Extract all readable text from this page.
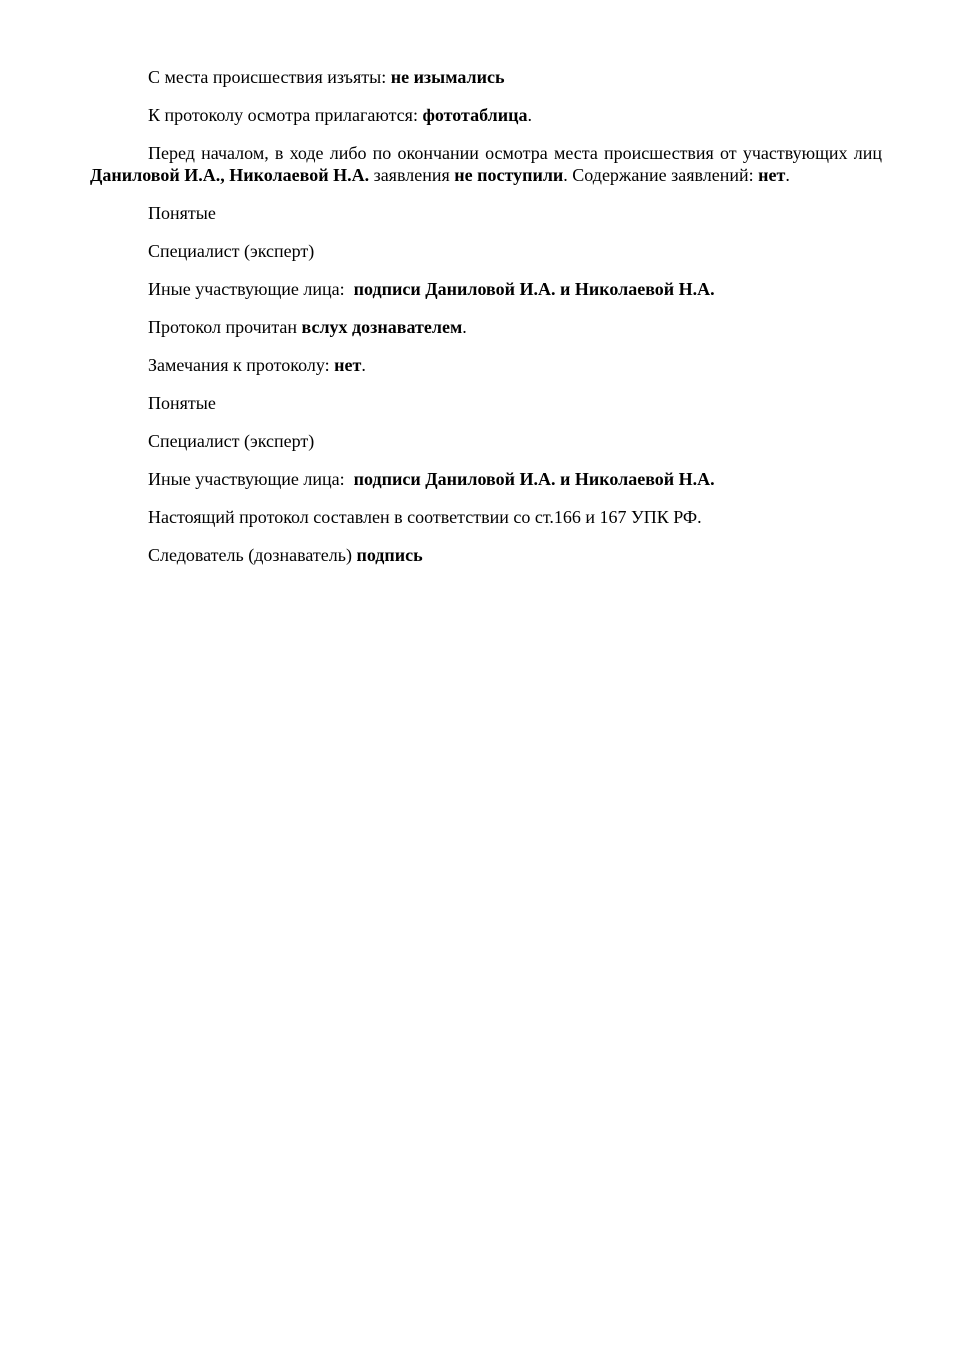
С места происшествия изъяты: не изымались

К протоколу осмотра прилагаются: фототаблица.

Перед началом, в ходе либо по окончании осмотра места происшествия от участвующих лиц Даниловой И.А., Николаевой Н.А. заявления не поступили. Содержание заявлений: нет.

Понятые

Специалист (эксперт)

Иные участвующие лица:  подписи Даниловой И.А. и Николаевой Н.А.

Протокол прочитан вслух дознавателем.

Замечания к протоколу: нет.

Понятые

Специалист (эксперт)

Иные участвующие лица:  подписи Даниловой И.А. и Николаевой Н.А.

Настоящий протокол составлен в соответствии со ст.166 и 167 УПК РФ.

Следователь (дознаватель) подпись
